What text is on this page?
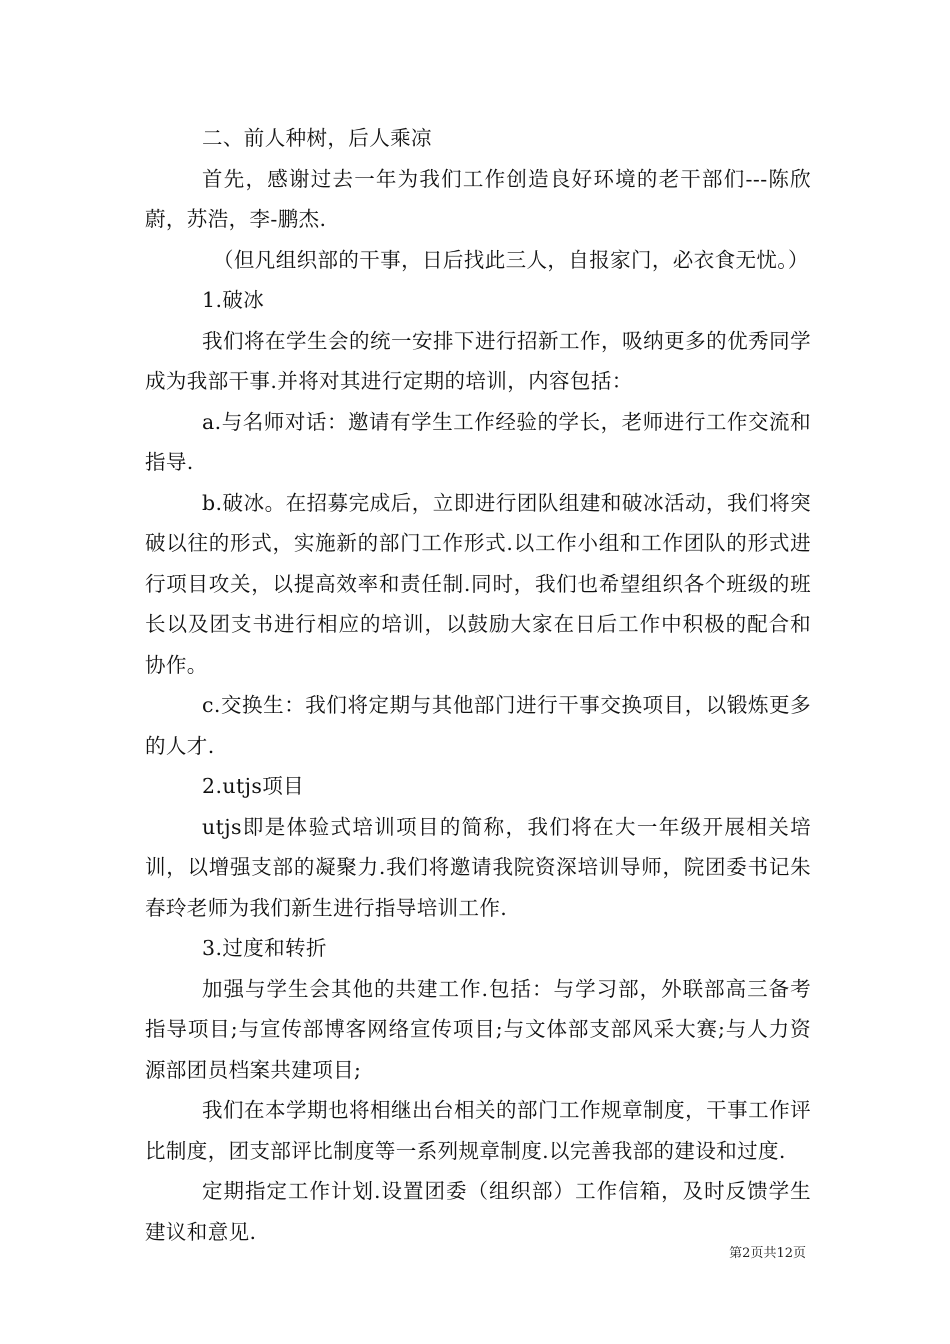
二、前人种树，后人乘凉

首先，感谢过去一年为我们工作创造良好环境的老干部们---陈欣蔚，苏浩，李-鹏杰.

（但凡组织部的干事，日后找此三人，自报家门，必衣食无忧。）

1.破冰

我们将在学生会的统一安排下进行招新工作，吸纳更多的优秀同学成为我部干事.并将对其进行定期的培训，内容包括：

a.与名师对话：邀请有学生工作经验的学长，老师进行工作交流和指导.

b.破冰。在招募完成后，立即进行团队组建和破冰活动，我们将突破以往的形式，实施新的部门工作形式.以工作小组和工作团队的形式进行项目攻关，以提高效率和责任制.同时，我们也希望组织各个班级的班长以及团支书进行相应的培训，以鼓励大家在日后工作中积极的配合和协作。

c.交换生：我们将定期与其他部门进行干事交换项目，以锻炼更多的人才.

2.utjs项目

utjs即是体验式培训项目的简称，我们将在大一年级开展相关培训，以增强支部的凝聚力.我们将邀请我院资深培训导师，院团委书记朱春玲老师为我们新生进行指导培训工作.

3.过度和转折

加强与学生会其他的共建工作.包括：与学习部，外联部高三备考指导项目;与宣传部博客网络宣传项目;与文体部支部风采大赛;与人力资源部团员档案共建项目;

我们在本学期也将相继出台相关的部门工作规章制度，干事工作评比制度，团支部评比制度等一系列规章制度.以完善我部的建设和过度.

定期指定工作计划.设置团委（组织部）工作信箱，及时反馈学生建议和意见.

第2页共12页
